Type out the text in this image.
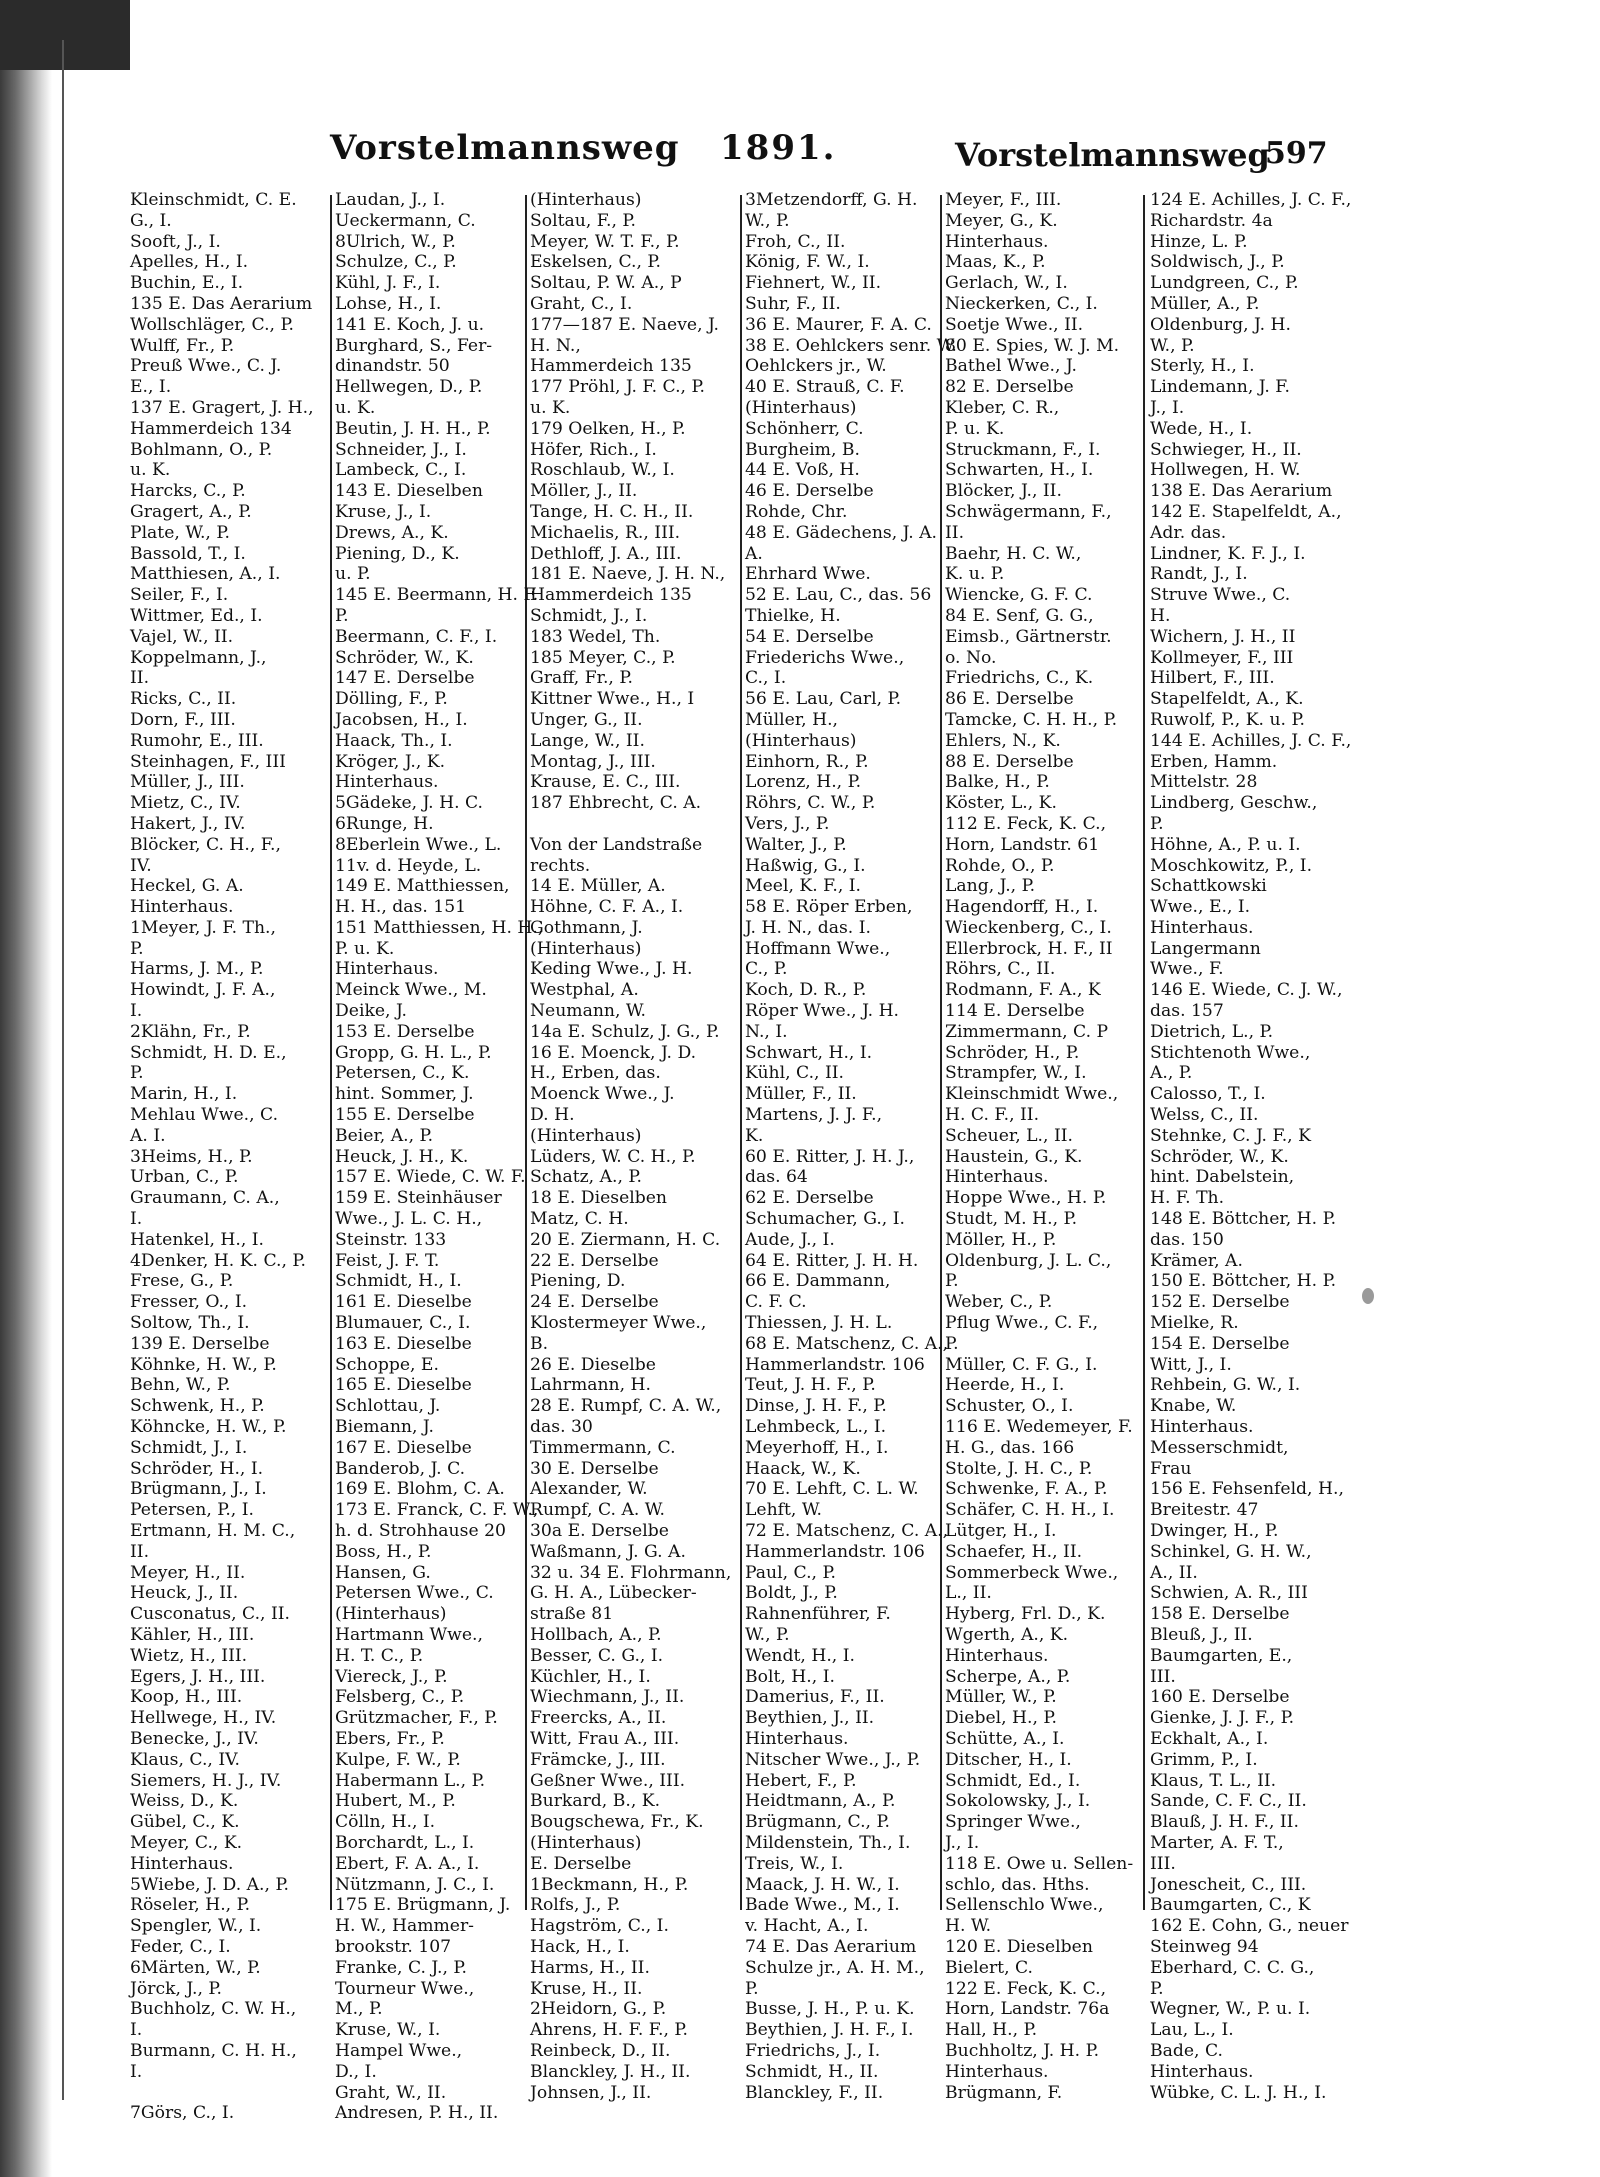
Vorstelmannsweg 1891.	Vorstelmannsweg
597
Kleinschmidt, C. E.
G., I.
Sooft, J., I.
Apelles, H., I.
Buchin, E., I.
135 E. Das Aerarium
Wollschläger, C., P.
Wulff, Fr., P.
Preuß Wwe., C. J.
E., I.
137 E. Gragert, J. H.,
Hammerdeich 134
Bohlmann, O., P.
u. K.
Harcks, C., P.
Gragert, A., P.
Plate, W., P.
Bassold, T., I.
Matthiesen, A., I.
Seiler, F., I.
Wittmer, Ed., I.
Vajel, W., II.
Koppelmann, J.,
II.
Ricks, C., II.
Dorn, F., III.
Rumohr, E., III.
Steinhagen, F., III
Müller, J., III.
Mietz, C., IV.
Hakert, J., IV.
Blöcker, C. H., F.,
IV.
Heckel, G. A.
Hinterhaus.
1Meyer, J. F. Th.,
P.
Harms, J. M., P.
Howindt, J. F. A.,
I.
2Klähn, Fr., P.
Schmidt, H. D. E.,
P.
Marin, H., I.
Mehlau Wwe., C.
A. I.
3Heims, H., P.
Urban, C., P.
Graumann, C. A.,
I.
Hatenkel, H., I.
4Denker, H. K. C., P.
Frese, G., P.
Fresser, O., I.
Soltow, Th., I.
139 E. Derselbe
Köhnke, H. W., P.
Behn, W., P.
Schwenk, H., P.
Köhncke, H. W., P.
Schmidt, J., I.
Schröder, H., I.
Brügmann, J., I.
Petersen, P., I.
Ertmann, H. M. C.,
II.
Meyer, H., II.
Heuck, J., II.
Cusconatus, C., II.
Kähler, H., III.
Wietz, H., III.
Egers, J. H., III.
Koop, H., III.
Hellwege, H., IV.
Benecke, J., IV.
Klaus, C., IV.
Siemers, H. J., IV.
Weiss, D., K.
Gübel, C., K.
Meyer, C., K.
Hinterhaus.
5Wiebe, J. D. A., P.
Röseler, H., P.
Spengler, W., I.
Feder, C., I.
6Märten, W., P.
Jörck, J., P.
Buchholz, C. W. H.,
I.
Burmann, C. H. H.,
I.
7Görs, C., I.
Laudan, J., I.
Ueckermann, C.
8Ulrich, W., P.
Schulze, C., P.
Kühl, J. F., I.
Lohse, H., I.
141 E. Koch, J. u.
Burghard, S., Fer-
dinandstr. 50
Hellwegen, D., P.
u. K.
Beutin, J. H. H., P.
Schneider, J., I.
Lambeck, C., I.
143 E. Dieselben
Kruse, J., I.
Drews, A., K.
Piening, D., K.
u. P.
145 E. Beermann, H. F.
P.
Beermann, C. F., I.
Schröder, W., K.
147 E. Derselbe
Dölling, F., P.
Jacobsen, H., I.
Haack, Th., I.
Kröger, J., K.
Hinterhaus.
5Gädeke, J. H. C.
6Runge, H.
8Eberlein Wwe., L.
11v. d. Heyde, L.
149 E. Matthiessen,
H. H., das. 151
151 Matthiessen, H. H.,
P. u. K.
Hinterhaus.
Meinck Wwe., M.
Deike, J.
153 E. Derselbe
Gropp, G. H. L., P.
Petersen, C., K.
hint. Sommer, J.
155 E. Derselbe
Beier, A., P.
Heuck, J. H., K.
157 E. Wiede, C. W. F.
159 E. Steinhäuser
Wwe., J. L. C. H.,
Steinstr. 133
Feist, J. F. T.
Schmidt, H., I.
161 E. Dieselbe
Blumauer, C., I.
163 E. Dieselbe
Schoppe, E.
165 E. Dieselbe
Schlottau, J.
Biemann, J.
167 E. Dieselbe
Banderob, J. C.
169 E. Blohm, C. A.
173 E. Franck, C. F. W.,
h. d. Strohhause 20
Boss, H., P.
Hansen, G.
Petersen Wwe., C.
(Hinterhaus)
Hartmann Wwe.,
H. T. C., P.
Viereck, J., P.
Felsberg, C., P.
Grützmacher, F., P.
Ebers, Fr., P.
Kulpe, F. W., P.
Habermann L., P.
Hubert, M., P.
Cölln, H., I.
Borchardt, L., I.
Ebert, F. A. A., I.
Nützmann, J. C., I.
175 E. Brügmann, J.
H. W., Hammer-
brookstr. 107
Franke, C. J., P.
Tourneur Wwe.,
M., P.
Kruse, W., I.
Hampel Wwe.,
D., I.
Graht, W., II.
Andresen, P. H., II.
(Hinterhaus)
Soltau, F., P.
Meyer, W. T. F., P.
Eskelsen, C., P.
Soltau, P. W. A., P
Graht, C., I.
177—187 E. Naeve, J.
H. N.,
Hammerdeich 135
177 Pröhl, J. F. C., P.
u. K.
179 Oelken, H., P.
Höfer, Rich., I.
Roschlaub, W., I.
Möller, J., II.
Tange, H. C. H., II.
Michaelis, R., III.
Dethloff, J. A., III.
181 E. Naeve, J. H. N.,
Hammerdeich 135
Schmidt, J., I.
183 Wedel, Th.
185 Meyer, C., P.
Graff, Fr., P.
Kittner Wwe., H., I
Unger, G., II.
Lange, W., II.
Montag, J., III.
Krause, E. C., III.
187 Ehbrecht, C. A.
Von der Landstraße
rechts.
14 E. Müller, A.
Höhne, C. F. A., I.
Gothmann, J.
(Hinterhaus)
Keding Wwe., J. H.
Westphal, A.
Neumann, W.
14a E. Schulz, J. G., P.
16 E. Moenck, J. D.
H., Erben, das.
Moenck Wwe., J.
D. H.
(Hinterhaus)
Lüders, W. C. H., P.
Schatz, A., P.
18 E. Dieselben
Matz, C. H.
20 E. Ziermann, H. C.
22 E. Derselbe
Piening, D.
24 E. Derselbe
Klostermeyer Wwe.,
B.
26 E. Dieselbe
Lahrmann, H.
28 E. Rumpf, C. A. W.,
das. 30
Timmermann, C.
30 E. Derselbe
Alexander, W.
Rumpf, C. A. W.
30a E. Derselbe
Waßmann, J. G. A.
32 u. 34 E. Flohrmann,
G. H. A., Lübecker-
straße 81
Hollbach, A., P.
Besser, C. G., I.
Küchler, H., I.
Wiechmann, J., II.
Freercks, A., II.
Witt, Frau A., III.
Främcke, J., III.
Geßner Wwe., III.
Burkard, B., K.
Bougschewa, Fr., K.
(Hinterhaus)
E. Derselbe
1Beckmann, H., P.
Rolfs, J., P.
Hagström, C., I.
Hack, H., I.
Harms, H., II.
Kruse, H., II.
2Heidorn, G., P.
Ahrens, H. F. F., P.
Reinbeck, D., II.
Blanckley, J. H., II.
Johnsen, J., II.
3Metzendorff, G. H.
W., P.
Froh, C., II.
König, F. W., I.
Fiehnert, W., II.
Suhr, F., II.
36 E. Maurer, F. A. C.
38 E. Oehlckers senr. W.
Oehlckers jr., W.
40 E. Strauß, C. F.
(Hinterhaus)
Schönherr, C.
Burgheim, B.
44 E. Voß, H.
46 E. Derselbe
Rohde, Chr.
48 E. Gädechens, J. A.
A.
Ehrhard Wwe.
52 E. Lau, C., das. 56
Thielke, H.
54 E. Derselbe
Friederichs Wwe.,
C., I.
56 E. Lau, Carl, P.
Müller, H.,
(Hinterhaus)
Einhorn, R., P.
Lorenz, H., P.
Röhrs, C. W., P.
Vers, J., P.
Walter, J., P.
Haßwig, G., I.
Meel, K. F., I.
58 E. Röper Erben,
J. H. N., das. I.
Hoffmann Wwe.,
C., P.
Koch, D. R., P.
Röper Wwe., J. H.
N., I.
Schwart, H., I.
Kühl, C., II.
Müller, F., II.
Martens, J. J. F.,
K.
60 E. Ritter, J. H. J.,
das. 64
62 E. Derselbe
Schumacher, G., I.
Aude, J., I.
64 E. Ritter, J. H. H.
66 E. Dammann,
C. F. C.
Thiessen, J. H. L.
68 E. Matschenz, C. A.,
Hammerlandstr. 106
Teut, J. H. F., P.
Dinse, J. H. F., P.
Lehmbeck, L., I.
Meyerhoff, H., I.
Haack, W., K.
70 E. Lehft, C. L. W.
Lehft, W.
72 E. Matschenz, C. A.,
Hammerlandstr. 106
Paul, C., P.
Boldt, J., P.
Rahnenführer, F.
W., P.
Wendt, H., I.
Bolt, H., I.
Damerius, F., II.
Beythien, J., II.
Hinterhaus.
Nitscher Wwe., J., P.
Hebert, F., P.
Heidtmann, A., P.
Brügmann, C., P.
Mildenstein, Th., I.
Treis, W., I.
Maack, J. H. W., I.
Bade Wwe., M., I.
v. Hacht, A., I.
74 E. Das Aerarium
Schulze jr., A. H. M.,
P.
Busse, J. H., P. u. K.
Beythien, J. H. F., I.
Friedrichs, J., I.
Schmidt, H., II.
Blanckley, F., II.
Meyer, F., III.
Meyer, G., K.
Hinterhaus.
Maas, K., P.
Gerlach, W., I.
Nieckerken, C., I.
Soetje Wwe., II.
80 E. Spies, W. J. M.
Bathel Wwe., J.
82 E. Derselbe
Kleber, C. R.,
P. u. K.
Struckmann, F., I.
Schwarten, H., I.
Blöcker, J., II.
Schwägermann, F.,
II.
Baehr, H. C. W.,
K. u. P.
Wiencke, G. F. C.
84 E. Senf, G. G.,
Eimsb., Gärtnerstr.
o. No.
Friedrichs, C., K.
86 E. Derselbe
Tamcke, C. H. H., P.
Ehlers, N., K.
88 E. Derselbe
Balke, H., P.
Köster, L., K.
112 E. Feck, K. C.,
Horn, Landstr. 61
Rohde, O., P.
Lang, J., P.
Hagendorff, H., I.
Wieckenberg, C., I.
Ellerbrock, H. F., II
Röhrs, C., II.
Rodmann, F. A., K
114 E. Derselbe
Zimmermann, C. P
Schröder, H., P.
Strampfer, W., I.
Kleinschmidt Wwe.,
H. C. F., II.
Scheuer, L., II.
Haustein, G., K.
Hinterhaus.
Hoppe Wwe., H. P.
Studt, M. H., P.
Möller, H., P.
Oldenburg, J. L. C.,
P.
Weber, C., P.
Pflug Wwe., C. F.,
P.
Müller, C. F. G., I.
Heerde, H., I.
Schuster, O., I.
116 E. Wedemeyer, F.
H. G., das. 166
Stolte, J. H. C., P.
Schwenke, F. A., P.
Schäfer, C. H. H., I.
Lütger, H., I.
Schaefer, H., II.
Sommerbeck Wwe.,
L., II.
Hyberg, Frl. D., K.
Wgerth, A., K.
Hinterhaus.
Scherpe, A., P.
Müller, W., P.
Diebel, H., P.
Schütte, A., I.
Ditscher, H., I.
Schmidt, Ed., I.
Sokolowsky, J., I.
Springer Wwe.,
J., I.
118 E. Owe u. Sellen-
schlo, das. Hths.
Sellenschlo Wwe.,
H. W.
120 E. Dieselben
Bielert, C.
122 E. Feck, K. C.,
Horn, Landstr. 76a
Hall, H., P.
Buchholtz, J. H. P.
Hinterhaus.
Brügmann, F.
124 E. Achilles, J. C. F.,
Richardstr. 4a
Hinze, L. P.
Soldwisch, J., P.
Lundgreen, C., P.
Müller, A., P.
Oldenburg, J. H.
W., P.
Sterly, H., I.
Lindemann, J. F.
J., I.
Wede, H., I.
Schwieger, H., II.
Hollwegen, H. W.
138 E. Das Aerarium
142 E. Stapelfeldt, A.,
Adr. das.
Lindner, K. F. J., I.
Randt, J., I.
Struve Wwe., C.
H.
Wichern, J. H., II
Kollmeyer, F., III
Hilbert, F., III.
Stapelfeldt, A., K.
Ruwolf, P., K. u. P.
144 E. Achilles, J. C. F.,
Erben, Hamm.
Mittelstr. 28
Lindberg, Geschw.,
P.
Höhne, A., P. u. I.
Moschkowitz, P., I.
Schattkowski
Wwe., E., I.
Hinterhaus.
Langermann
Wwe., F.
146 E. Wiede, C. J. W.,
das. 157
Dietrich, L., P.
Stichtenoth Wwe.,
A., P.
Calosso, T., I.
Welss, C., II.
Stehnke, C. J. F., K
Schröder, W., K.
hint. Dabelstein,
H. F. Th.
148 E. Böttcher, H. P.
das. 150
Krämer, A.
150 E. Böttcher, H. P.
152 E. Derselbe
Mielke, R.
154 E. Derselbe
Witt, J., I.
Rehbein, G. W., I.
Knabe, W.
Hinterhaus.
Messerschmidt,
Frau
156 E. Fehsenfeld, H.,
Breitestr. 47
Dwinger, H., P.
Schinkel, G. H. W.,
A., II.
Schwien, A. R., III
158 E. Derselbe
Bleuß, J., II.
Baumgarten, E.,
III.
160 E. Derselbe
Gienke, J. J. F., P.
Eckhalt, A., I.
Grimm, P., I.
Klaus, T. L., II.
Sande, C. F. C., II.
Blauß, J. H. F., II.
Marter, A. F. T.,
III.
Jonescheit, C., III.
Baumgarten, C., K
162 E. Cohn, G., neuer
Steinweg 94
Eberhard, C. C. G.,
P.
Wegner, W., P. u. I.
Lau, L., I.
Bade, C.
Hinterhaus.
Wübke, C. L. J. H., I.
